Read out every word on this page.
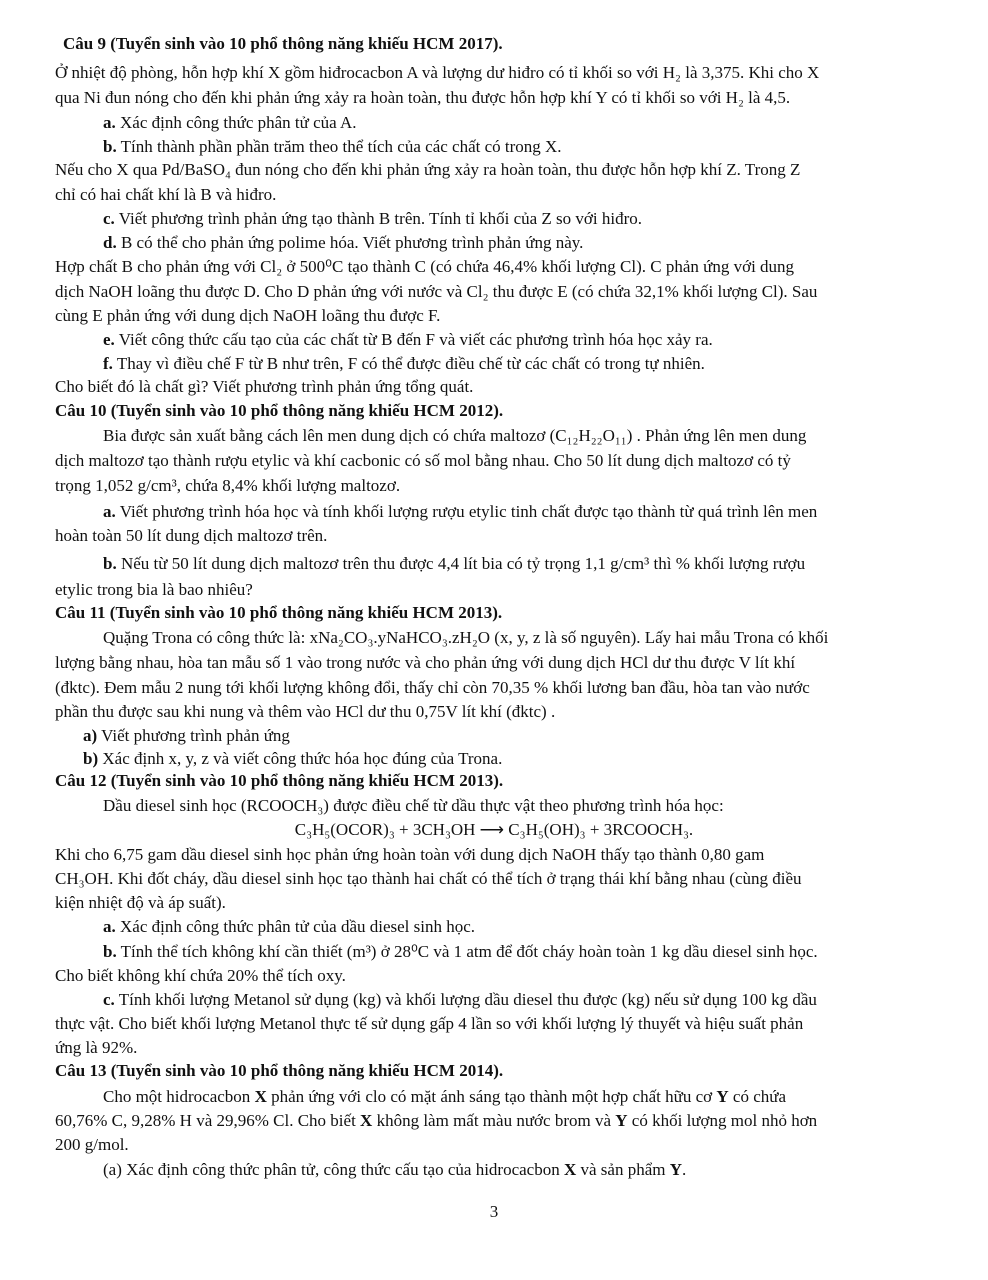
Câu 9 (Tuyển sinh vào 10 phổ thông năng khiếu HCM 2017).
Ở nhiệt độ phòng, hỗn hợp khí X gồm hiđrocacbon A và lượng dư hiđro có tỉ khối so với H₂ là 3,375. Khi cho X
qua Ni đun nóng cho đến khi phản ứng xảy ra hoàn toàn, thu được hỗn hợp khí Y có tỉ khối so với H₂ là 4,5.
a. Xác định công thức phân tử của A.
b. Tính thành phần phần trăm theo thể tích của các chất có trong X.
Nếu cho X qua Pd/BaSO₄ đun nóng cho đến khi phản ứng xảy ra hoàn toàn, thu được hỗn hợp khí Z. Trong Z
chỉ có hai chất khí là B và hiđro.
c. Viết phương trình phản ứng tạo thành B trên. Tính tỉ khối của Z so với hiđro.
d. B có thể cho phản ứng polime hóa. Viết phương trình phản ứng này.
Hợp chất B cho phản ứng với Cl₂ ở 500⁰C tạo thành C (có chứa 46,4% khối lượng Cl). C phản ứng với dung
dịch NaOH loãng thu được D. Cho D phản ứng với nước và Cl₂ thu được E (có chứa 32,1% khối lượng Cl). Sau
cùng E phản ứng với dung dịch NaOH loãng thu được F.
e. Viết công thức cấu tạo của các chất từ B đến F và viết các phương trình hóa học xảy ra.
f. Thay vì điều chế F từ B như trên, F có thể được điều chế từ các chất có trong tự nhiên.
Cho biết đó là chất gì? Viết phương trình phản ứng tổng quát.
Câu 10 (Tuyển sinh vào 10 phổ thông năng khiếu HCM 2012).
Bia được sản xuất bằng cách lên men dung dịch có chứa maltozơ (C₁₂H₂₂O₁₁) . Phản ứng lên men dung
dịch maltozơ tạo thành rượu etylic và khí cacbonic có số mol bằng nhau. Cho 50 lít dung dịch maltozơ có tỷ
trọng 1,052 g/cm³, chứa 8,4% khối lượng maltozơ.
a. Viết phương trình hóa học và tính khối lượng rượu etylic tinh chất được tạo thành từ quá trình lên men
hoàn toàn 50 lít dung dịch maltozơ trên.
b. Nếu từ 50 lít dung dịch maltozơ trên thu được 4,4 lít bia có tỷ trọng 1,1 g/cm³ thì % khối lượng rượu
etylic trong bia là bao nhiêu?
Câu 11 (Tuyển sinh vào 10 phổ thông năng khiếu HCM 2013).
Quặng Trona có công thức là: xNa₂CO₃.yNaHCO₃.zH₂O (x, y, z là số nguyên). Lấy hai mẫu Trona có khối
lượng bằng nhau, hòa tan mẫu số 1 vào trong nước và cho phản ứng với dung dịch HCl dư thu được V lít khí
(đktc). Đem mẫu 2 nung tới khối lượng không đổi, thấy chỉ còn 70,35 % khối lương ban đầu, hòa tan vào nước
phần thu được sau khi nung và thêm vào HCl dư thu 0,75V lít khí (đktc) .
a) Viết phương trình phản ứng
b) Xác định x, y, z và viết công thức hóa học đúng của Trona.
Câu 12 (Tuyển sinh vào 10 phổ thông năng khiếu HCM 2013).
Dầu diesel sinh học (RCOOCH₃) được điều chế từ dầu thực vật theo phương trình hóa học:
C₃H₅(OCOR)₃ + 3CH₃OH ⟶ C₃H₅(OH)₃ + 3RCOOCH₃.
Khi cho 6,75 gam dầu diesel sinh học phản ứng hoàn toàn với dung dịch NaOH thấy tạo thành 0,80 gam
CH₃OH. Khi đốt cháy, dầu diesel sinh học tạo thành hai chất có thể tích ở trạng thái khí bằng nhau (cùng điều
kiện nhiệt độ và áp suất).
a. Xác định công thức phân tử của dầu diesel sinh học.
b. Tính thể tích không khí cần thiết (m³) ở 28⁰C và 1 atm để đốt cháy hoàn toàn 1 kg dầu diesel sinh học.
Cho biết không khí chứa 20% thể tích oxy.
c. Tính khối lượng Metanol sử dụng (kg) và khối lượng dầu diesel thu được (kg) nếu sử dụng 100 kg dầu
thực vật. Cho biết khối lượng Metanol thực tế sử dụng gấp 4 lần so với khối lượng lý thuyết và hiệu suất phản
ứng là 92%.
Câu 13 (Tuyển sinh vào 10 phổ thông năng khiếu HCM 2014).
Cho một hidrocacbon X phản ứng với clo có mặt ánh sáng tạo thành một hợp chất hữu cơ Y có chứa
60,76% C, 9,28% H và 29,96% Cl. Cho biết X không làm mất màu nước brom và Y có khối lượng mol nhỏ hơn
200 g/mol.
(a) Xác định công thức phân tử, công thức cấu tạo của hidrocacbon X và sản phẩm Y.
3
